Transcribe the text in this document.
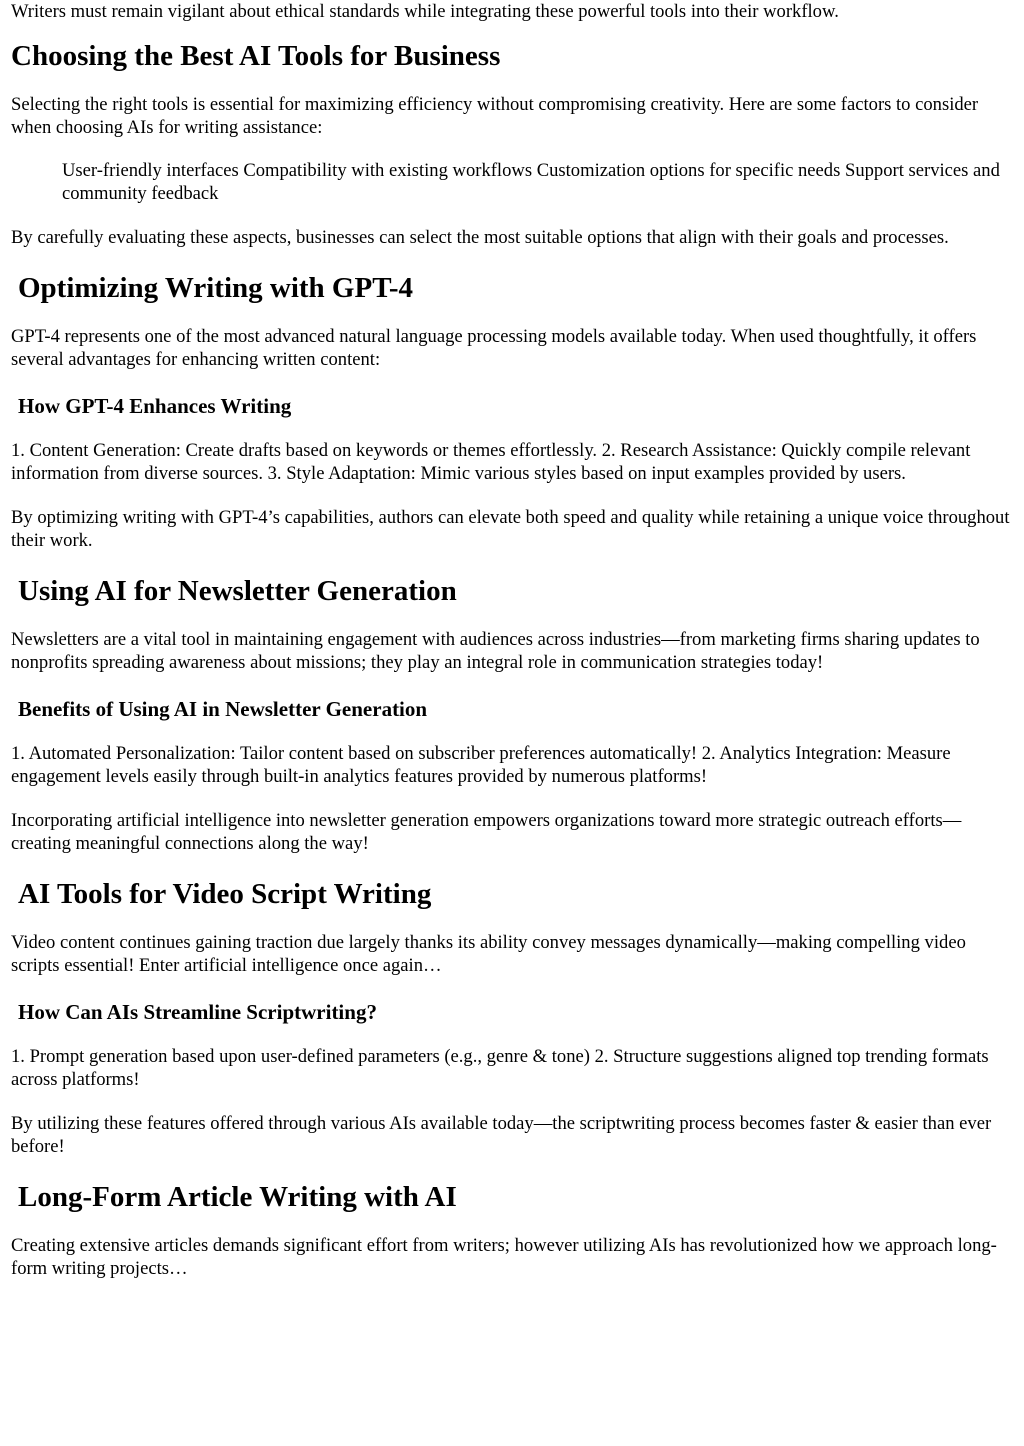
Writers must remain vigilant about ethical standards while integrating these powerful tools into their workflow.

Choosing the Best AI Tools for Business

Selecting the right tools is essential for maximizing efficiency without compromising creativity. Here are some factors to consider when choosing AIs for writing assistance:

User-friendly interfaces Compatibility with existing workflows Customization options for specific needs Support services and community feedback

By carefully evaluating these aspects, businesses can select the most suitable options that align with their goals and processes.

Optimizing Writing with GPT-4

GPT-4 represents one of the most advanced natural language processing models available today. When used thoughtfully, it offers several advantages for enhancing written content:

How GPT-4 Enhances Writing

1. Content Generation: Create drafts based on keywords or themes effortlessly. 2. Research Assistance: Quickly compile relevant information from diverse sources. 3. Style Adaptation: Mimic various styles based on input examples provided by users.

By optimizing writing with GPT-4’s capabilities, authors can elevate both speed and quality while retaining a unique voice throughout their work.

Using AI for Newsletter Generation

Newsletters are a vital tool in maintaining engagement with audiences across industries—from marketing firms sharing updates to nonprofits spreading awareness about missions; they play an integral role in communication strategies today!

Benefits of Using AI in Newsletter Generation

1. Automated Personalization: Tailor content based on subscriber preferences automatically! 2. Analytics Integration: Measure engagement levels easily through built-in analytics features provided by numerous platforms!

Incorporating artificial intelligence into newsletter generation empowers organizations toward more strategic outreach efforts—creating meaningful connections along the way!

AI Tools for Video Script Writing

Video content continues gaining traction due largely thanks its ability convey messages dynamically—making compelling video scripts essential! Enter artificial intelligence once again…

How Can AIs Streamline Scriptwriting?

1. Prompt generation based upon user-defined parameters (e.g., genre & tone) 2. Structure suggestions aligned top trending formats across platforms!

By utilizing these features offered through various AIs available today—the scriptwriting process becomes faster & easier than ever before!

Long-Form Article Writing with AI

Creating extensive articles demands significant effort from writers; however utilizing AIs has revolutionized how we approach long-form writing projects…
